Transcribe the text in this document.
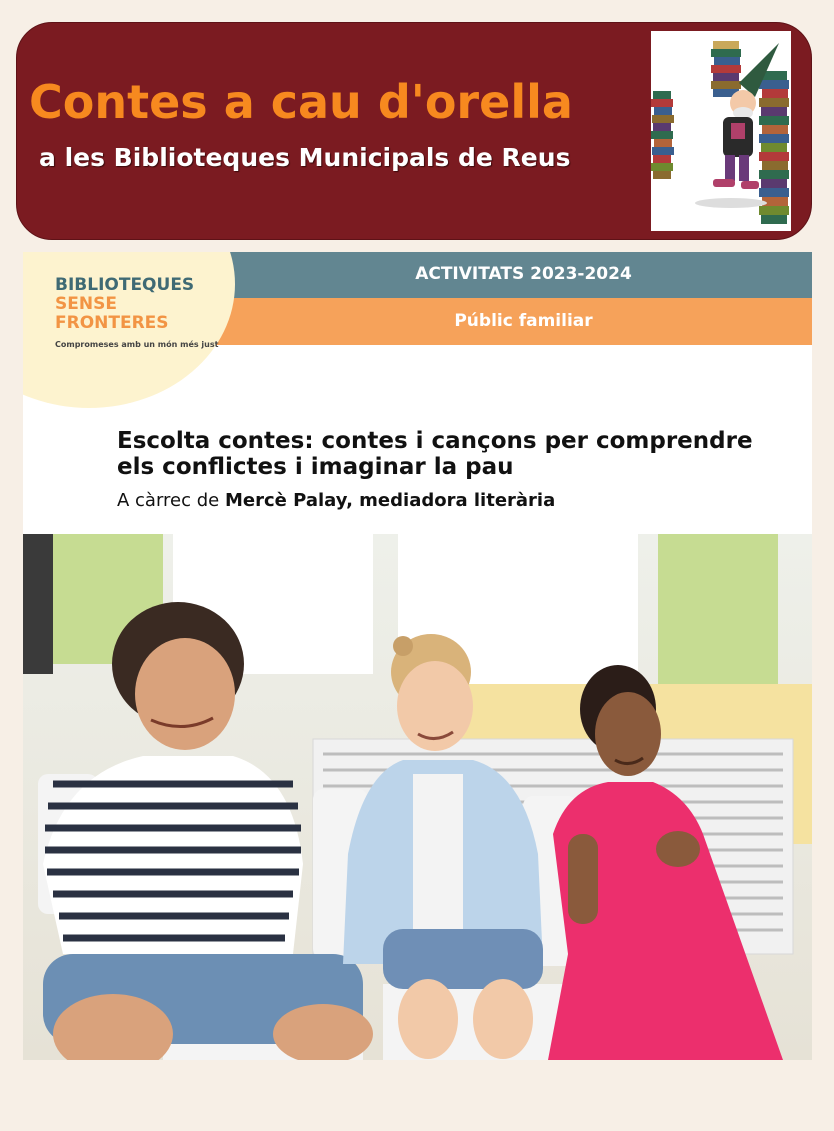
Contes a cau d'orella
a les Biblioteques Municipals de Reus
ACTIVITATS 2023-2024
Públic familiar
BIBLIOTEQUES
SENSE
FRONTERES
Compromeses amb un món més just
Escolta contes: contes i cançons per comprendre els conflictes i imaginar la pau
A càrrec de Mercè Palay, mediadora literària
